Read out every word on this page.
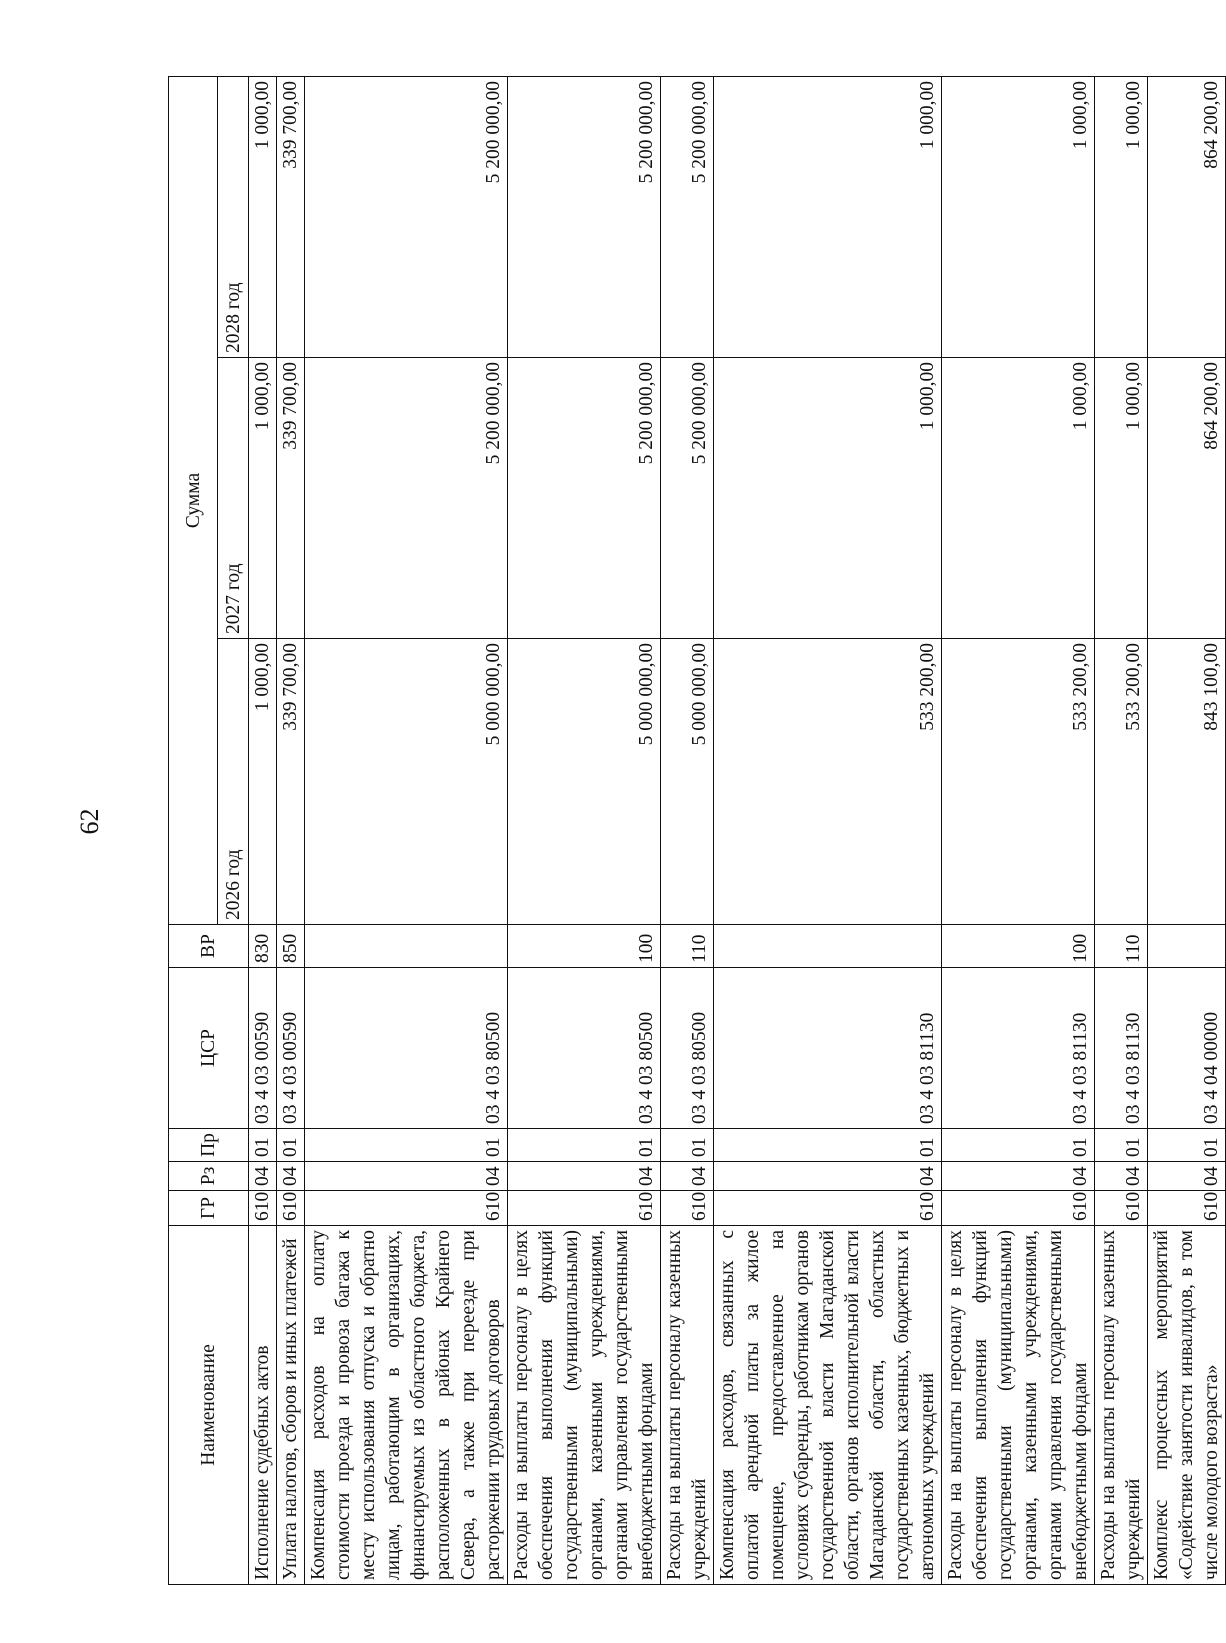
62
Наименование	ГР	Рз	Пр	ЦСР	ВР	Сумма		
						2026 год	2027 год	2028 год
Исполнение судебных актов	610	04	01	03 4 03 00590	830	1 000,00	1 000,00	1 000,00
Уплата налогов, сборов и иных платежей	610	04	01	03 4 03 00590	850	339 700,00	339 700,00	339 700,00
Компенсация расходов на оплату стоимости проезда и провоза багажа к месту использования отпуска и обратно лицам, работающим в организациях, финансируемых из областного бюджета, расположенных в районах Крайнего Севера, а также при переезде при расторжении трудовых договоров	610	04	01	03 4 03 80500		5 000 000,00	5 200 000,00	5 200 000,00
Расходы на выплаты персоналу в целях обеспечения выполнения функций государственными (муниципальными) органами, казенными учреждениями, органами управления государственными внебюджетными фондами	610	04	01	03 4 03 80500	100	5 000 000,00	5 200 000,00	5 200 000,00
Расходы на выплаты персоналу казенных учреждений	610	04	01	03 4 03 80500	110	5 000 000,00	5 200 000,00	5 200 000,00
Компенсация расходов, связанных с оплатой арендной платы за жилое помещение, предоставленное на условиях субаренды, работникам органов государственной власти Магаданской области, органов исполнительной власти Магаданской области, областных государственных казенных, бюджетных и автономных учреждений	610	04	01	03 4 03 81130		533 200,00	1 000,00	1 000,00
Расходы на выплаты персоналу в целях обеспечения выполнения функций государственными (муниципальными) органами, казенными учреждениями, органами управления государственными внебюджетными фондами	610	04	01	03 4 03 81130	100	533 200,00	1 000,00	1 000,00
Расходы на выплаты персоналу казенных учреждений	610	04	01	03 4 03 81130	110	533 200,00	1 000,00	1 000,00
Комплекс процессных мероприятий «Содействие занятости инвалидов, в том числе молодого возраста»	610	04	01	03 4 04 00000		843 100,00	864 200,00	864 200,00
